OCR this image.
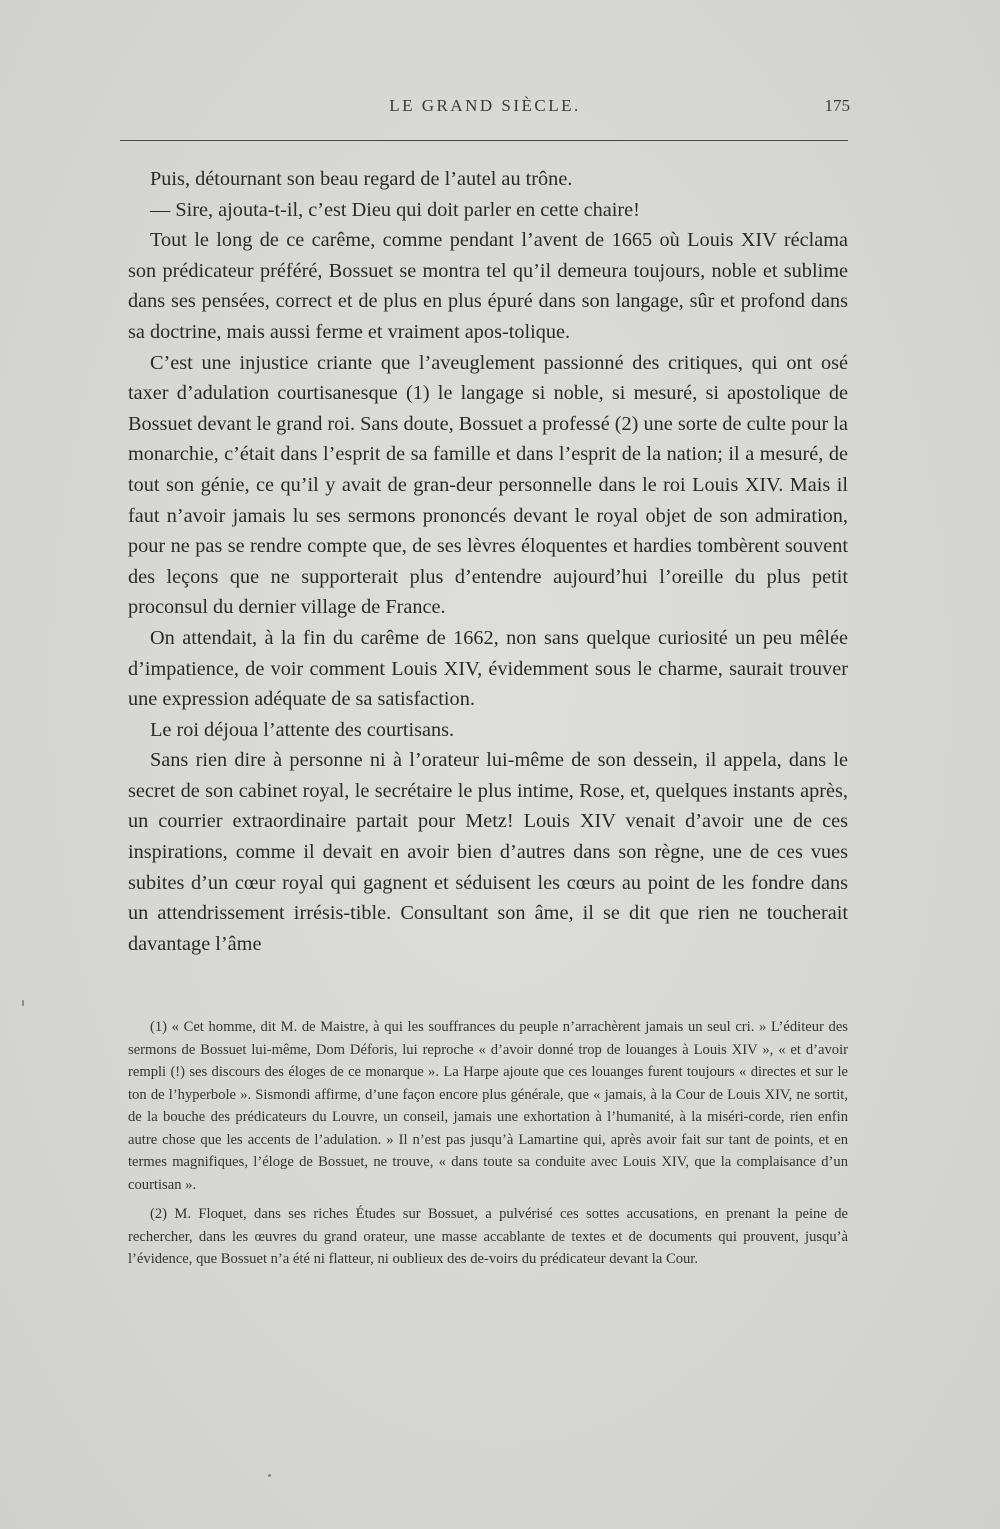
LE GRAND SIÈCLE.	175

Puis, détournant son beau regard de l’autel au trône.

— Sire, ajouta-t-il, c’est Dieu qui doit parler en cette chaire!

Tout le long de ce carême, comme pendant l’avent de 1665 où Louis XIV réclama son prédicateur préféré, Bossuet se montra tel qu’il demeura toujours, noble et sublime dans ses pensées, correct et de plus en plus épuré dans son langage, sûr et profond dans sa doctrine, mais aussi ferme et vraiment apos-tolique.

C’est une injustice criante que l’aveuglement passionné des critiques, qui ont osé taxer d’adulation courtisanesque (1) le langage si noble, si mesuré, si apostolique de Bossuet devant le grand roi. Sans doute, Bossuet a professé (2) une sorte de culte pour la monarchie, c’était dans l’esprit de sa famille et dans l’esprit de la nation; il a mesuré, de tout son génie, ce qu’il y avait de gran-deur personnelle dans le roi Louis XIV. Mais il faut n’avoir jamais lu ses sermons prononcés devant le royal objet de son admiration, pour ne pas se rendre compte que, de ses lèvres éloquentes et hardies tombèrent souvent des leçons que ne supporterait plus d’entendre aujourd’hui l’oreille du plus petit proconsul du dernier village de France.

On attendait, à la fin du carême de 1662, non sans quelque curiosité un peu mêlée d’impatience, de voir comment Louis XIV, évidemment sous le charme, saurait trouver une expression adéquate de sa satisfaction.

Le roi déjoua l’attente des courtisans.

Sans rien dire à personne ni à l’orateur lui-même de son dessein, il appela, dans le secret de son cabinet royal, le secrétaire le plus intime, Rose, et, quelques instants après, un courrier extraordinaire partait pour Metz! Louis XIV venait d’avoir une de ces inspirations, comme il devait en avoir bien d’autres dans son règne, une de ces vues subites d’un cœur royal qui gagnent et séduisent les cœurs au point de les fondre dans un attendrissement irrésis-tible. Consultant son âme, il se dit que rien ne toucherait davantage l’âme

(1) « Cet homme, dit M. de Maistre, à qui les souffrances du peuple n’arrachèrent jamais un seul cri. » L’éditeur des sermons de Bossuet lui-même, Dom Déforis, lui reproche « d’avoir donné trop de louanges à Louis XIV », « et d’avoir rempli (!) ses discours des éloges de ce monarque ». La Harpe ajoute que ces louanges furent toujours « directes et sur le ton de l’hyperbole ». Sismondi affirme, d’une façon encore plus générale, que « jamais, à la Cour de Louis XIV, ne sortit, de la bouche des prédicateurs du Louvre, un conseil, jamais une exhortation à l’humanité, à la miséri-corde, rien enfin autre chose que les accents de l’adulation. » Il n’est pas jusqu’à Lamartine qui, après avoir fait sur tant de points, et en termes magnifiques, l’éloge de Bossuet, ne trouve, « dans toute sa conduite avec Louis XIV, que la complaisance d’un courtisan ».

(2) M. Floquet, dans ses riches Études sur Bossuet, a pulvérisé ces sottes accusations, en prenant la peine de rechercher, dans les œuvres du grand orateur, une masse accablante de textes et de documents qui prouvent, jusqu’à l’évidence, que Bossuet n’a été ni flatteur, ni oublieux des de-voirs du prédicateur devant la Cour.
